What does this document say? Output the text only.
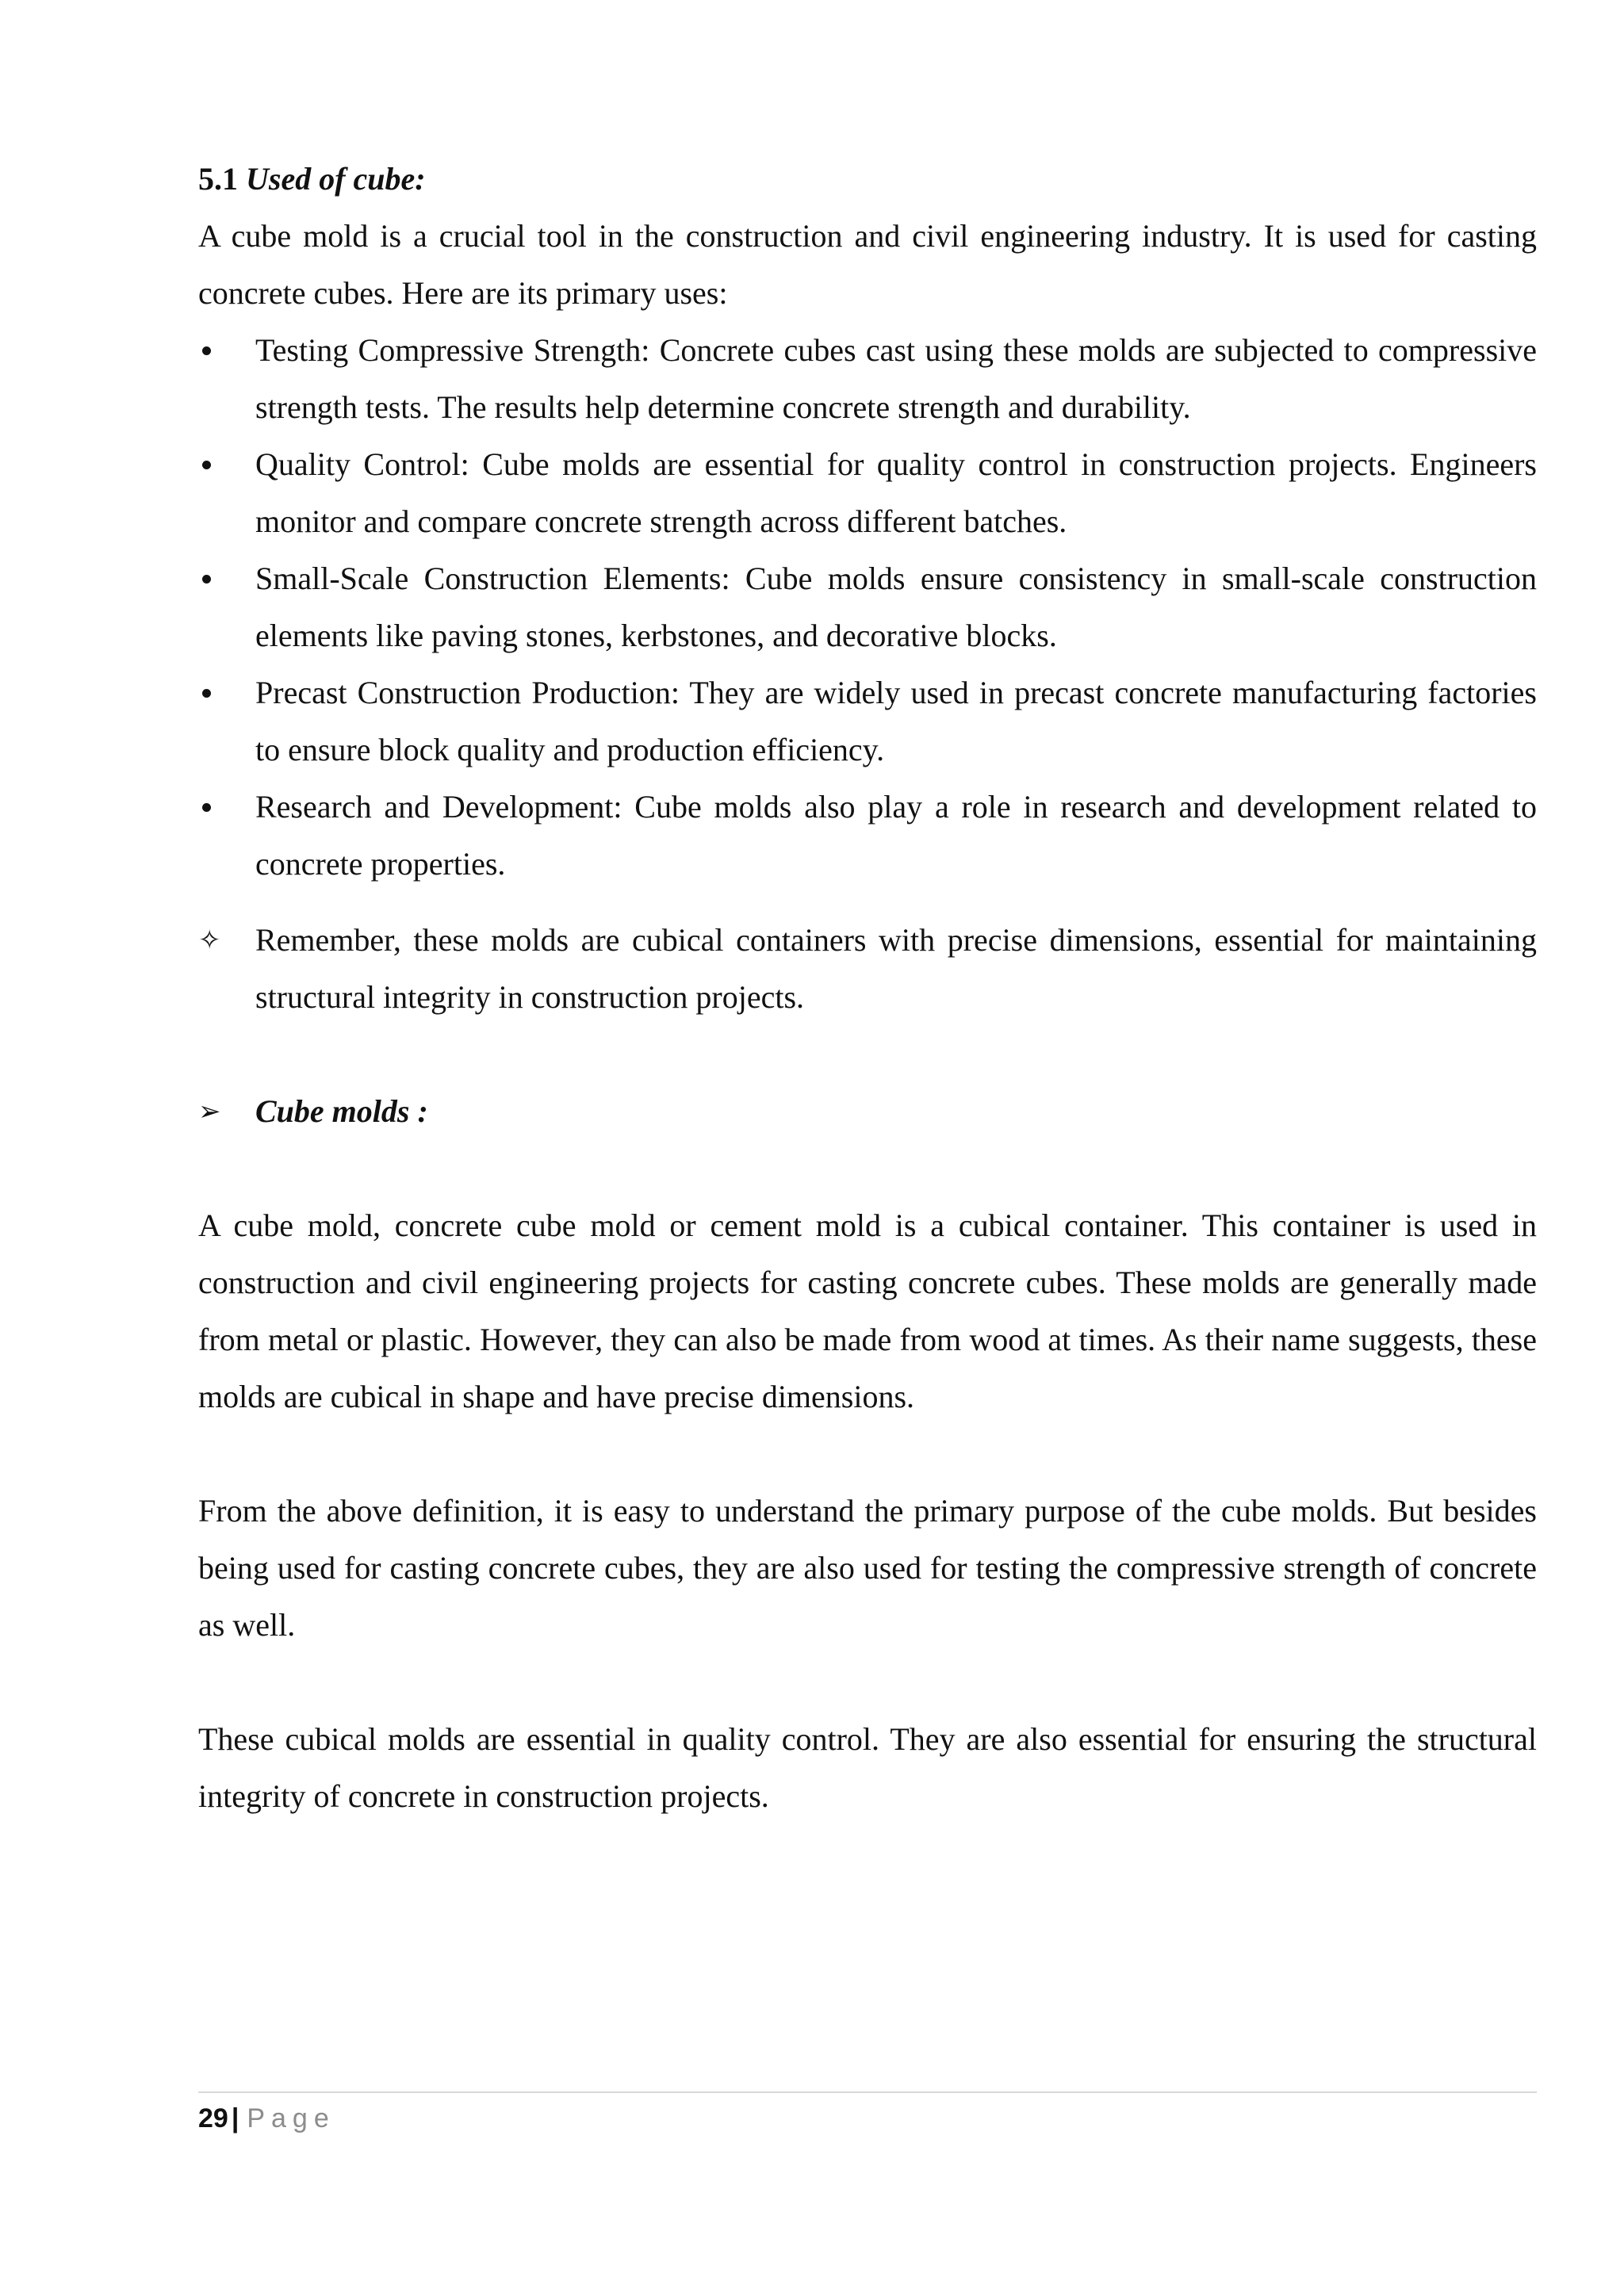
5.1 Used of cube:

A cube mold is a crucial tool in the construction and civil engineering industry. It is used for casting concrete cubes. Here are its primary uses:

Testing Compressive Strength: Concrete cubes cast using these molds are subjected to compressive strength tests. The results help determine concrete strength and durability.
Quality Control: Cube molds are essential for quality control in construction projects. Engineers monitor and compare concrete strength across different batches.
Small-Scale Construction Elements: Cube molds ensure consistency in small-scale construction elements like paving stones, kerbstones, and decorative blocks.
Precast Construction Production: They are widely used in precast concrete manufacturing factories to ensure block quality and production efficiency.
Research and Development: Cube molds also play a role in research and development related to concrete properties.
✧ Remember, these molds are cubical containers with precise dimensions, essential for maintaining structural integrity in construction projects.
➢ Cube molds :

A cube mold, concrete cube mold or cement mold is a cubical container. This container is used in construction and civil engineering projects for casting concrete cubes. These molds are generally made from metal or plastic. However, they can also be made from wood at times. As their name suggests, these molds are cubical in shape and have precise dimensions.

From the above definition, it is easy to understand the primary purpose of the cube molds. But besides being used for casting concrete cubes, they are also used for testing the compressive strength of concrete as well.

These cubical molds are essential in quality control. They are also essential for ensuring the structural integrity of concrete in construction projects.

29 | Page
